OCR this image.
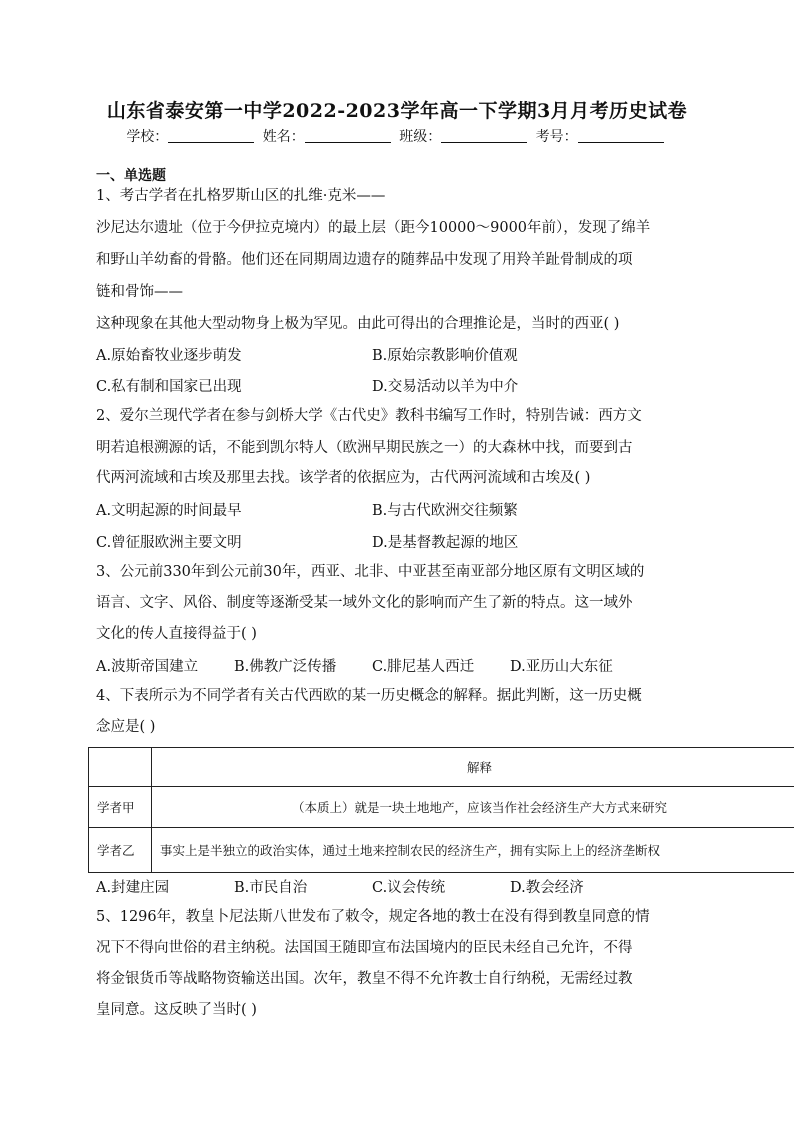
山东省泰安第一中学2022-2023学年高一下学期3月月考历史试卷
学校：	姓名：	班级：	考号：
一、单选题
1、考古学者在扎格罗斯山区的扎维·克米——
沙尼达尔遗址（位于今伊拉克境内）的最上层（距今10000～9000年前），发现了绵羊
和野山羊幼畜的骨骼。他们还在同期周边遗存的随葬品中发现了用羚羊趾骨制成的项
链和骨饰——
这种现象在其他大型动物身上极为罕见。由此可得出的合理推论是，当时的西亚( )
A.原始畜牧业逐步萌发	B.原始宗教影响价值观
C.私有制和国家已出现	D.交易活动以羊为中介
2、爱尔兰现代学者在参与剑桥大学《古代史》教科书编写工作时，特别告诫：西方文
明若追根溯源的话，不能到凯尔特人（欧洲早期民族之一）的大森林中找，而要到古
代两河流域和古埃及那里去找。该学者的依据应为，古代两河流域和古埃及( )
A.文明起源的时间最早	B.与古代欧洲交往频繁
C.曾征服欧洲主要文明	D.是基督教起源的地区
3、公元前330年到公元前30年，西亚、北非、中亚甚至南亚部分地区原有文明区域的
语言、文字、风俗、制度等逐渐受某一域外文化的影响而产生了新的特点。这一域外
文化的传人直接得益于( )
A.波斯帝国建立 B.佛教广泛传播 C.腓尼基人西迁 D.亚历山大东征
4、下表所示为不同学者有关古代西欧的某一历史概念的解释。据此判断，这一历史概
念应是( )
	解释
学者甲	（本质上）就是一块土地地产，应该当作社会经济生产大方式来研究
学者乙	事实上是半独立的政治实体，通过土地来控制农民的经济生产，拥有实际上上的经济垄断权
A.封建庄园	B.市民自治	C.议会传统	D.教会经济
5、1296年，教皇卜尼法斯八世发布了敕令，规定各地的教士在没有得到教皇同意的情
况下不得向世俗的君主纳税。法国国王随即宣布法国境内的臣民未经自己允许，不得
将金银货币等战略物资输送出国。次年，教皇不得不允许教士自行纳税，无需经过教
皇同意。这反映了当时( )
